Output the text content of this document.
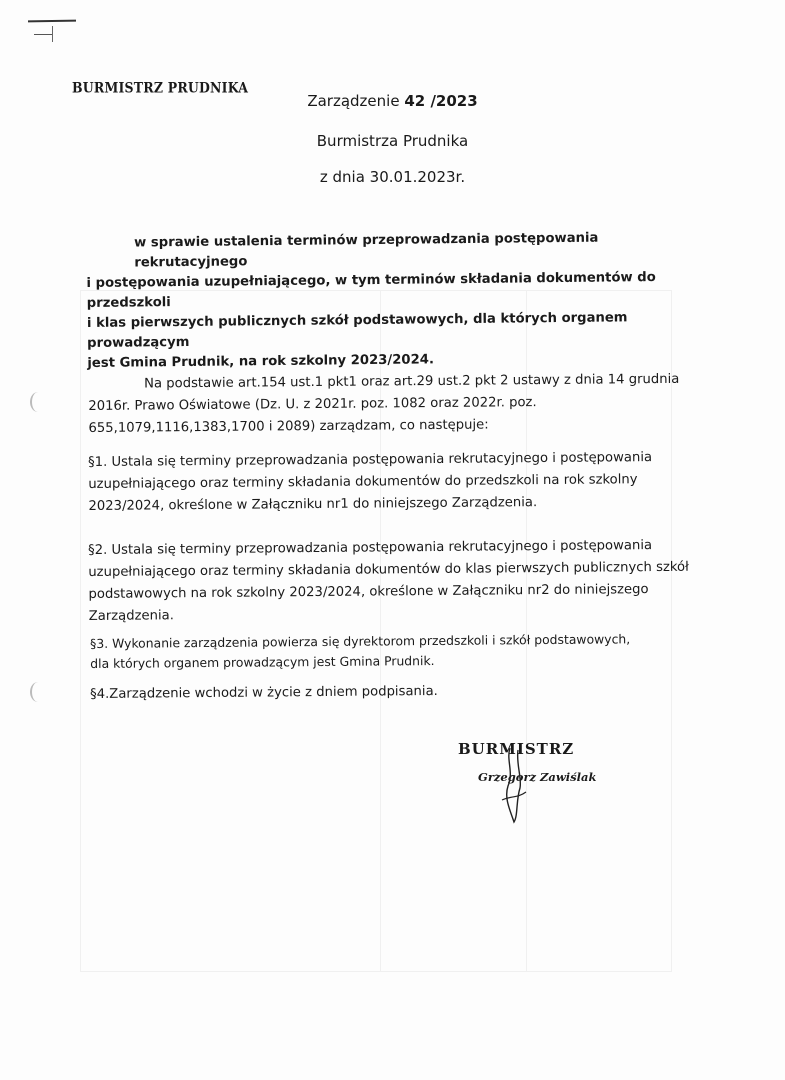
BURMISTRZ PRUDNIKA
Zarządzenie 42 /2023
Burmistrza Prudnika
z dnia 30.01.2023r.
w sprawie ustalenia terminów przeprowadzania postępowania rekrutacyjnego
i postępowania uzupełniającego, w tym terminów składania dokumentów do przedszkoli
i klas pierwszych publicznych szkół podstawowych, dla których organem prowadzącym
jest Gmina Prudnik, na rok szkolny 2023/2024.
Na podstawie art.154 ust.1 pkt1 oraz art.29 ust.2 pkt 2 ustawy z dnia 14 grudnia
2016r. Prawo Oświatowe (Dz. U. z 2021r. poz. 1082 oraz 2022r. poz.
655,1079,1116,1383,1700 i 2089) zarządzam, co następuje:
§1. Ustala się terminy przeprowadzania postępowania rekrutacyjnego i postępowania
uzupełniającego oraz terminy składania dokumentów do przedszkoli na rok szkolny
2023/2024, określone w Załączniku nr1 do niniejszego Zarządzenia.
§2. Ustala się terminy przeprowadzania postępowania rekrutacyjnego i postępowania
uzupełniającego oraz terminy składania dokumentów do klas pierwszych publicznych szkół
podstawowych na rok szkolny 2023/2024, określone w Załączniku nr2 do niniejszego
Zarządzenia.
§3. Wykonanie zarządzenia powierza się dyrektorom przedszkoli i szkół podstawowych,
dla których organem prowadzącym jest Gmina Prudnik.
§4.Zarządzenie wchodzi w życie z dniem podpisania.
BURMISTRZ
Grzegorz Zawiślak
